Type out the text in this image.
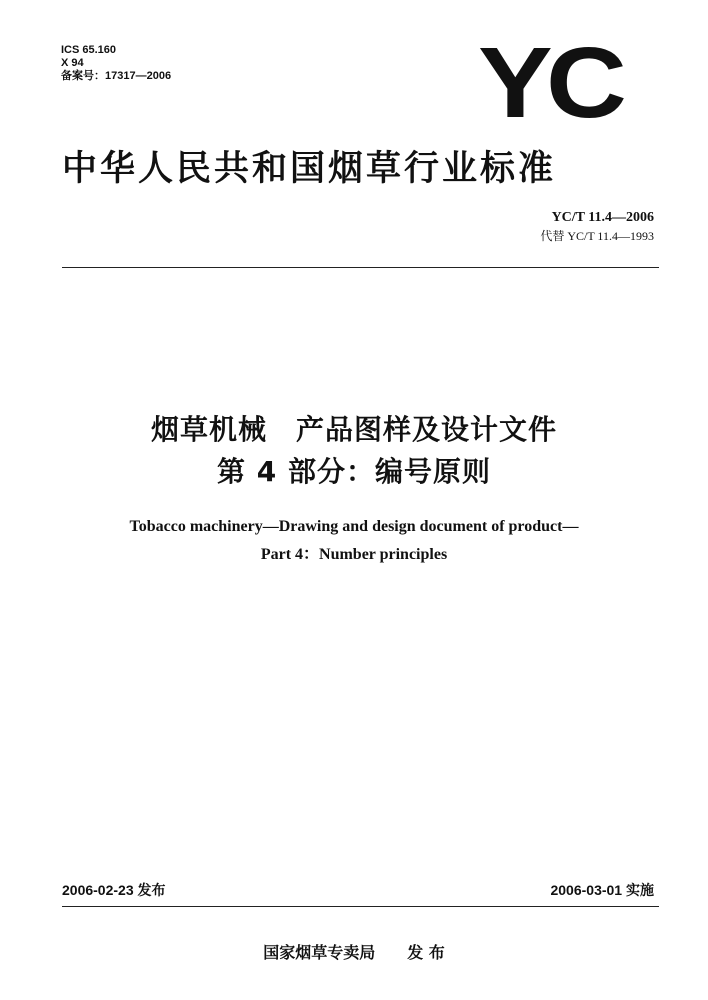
ICS 65.160
X 94
备案号：17317—2006	YC
中华人民共和国烟草行业标准
YC/T 11.4—2006
代替 YC/T 11.4—1993
烟草机械　产品图样及设计文件
第 4 部分：编号原则
Tobacco machinery—Drawing and design document of product—
Part 4：Number principles
2006-02-23 发布	2006-03-01 实施
国家烟草专卖局　　发 布
